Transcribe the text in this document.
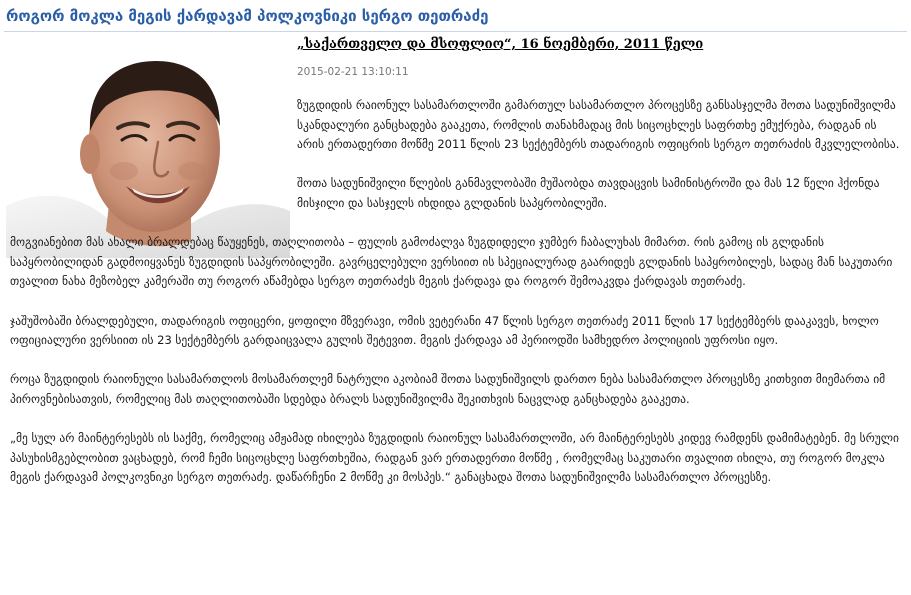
როგორ მოკლა მეგის ქარდავამ პოლკოვნიკი სერგო თეთრაძე
„საქართველო და მსოფლიო“, 16 ნოემბერი, 2011 წელი
2015-02-21 13:10:11

ზუგდიდის რაიონულ სასამართლოში გამართულ სასამართლო პროცესზე განსასჯელმა შოთა სადუნიშვილმა სკანდალური განცხადება გააკეთა, რომლის თანახმადაც მის სიცოცხლეს საფრთხე ემუქრება, რადგან ის არის ერთადერთი მოწმე 2011 წლის 23 სექტემბერს თადარიგის ოფიცრის სერგო თეთრაძის მკვლელობისა.

შოთა სადუნიშვილი წლების განმავლობაში მუშაობდა თავდაცვის სამინისტროში და მას 12 წელი ჰქონდა მისჯილი და სასჯელს იხდიდა გლდანის საპყრობილეში.

მოგვიანებით მას ახალი ბრალდებაც წაუყენეს, თაღლითობა – ფულის გამოძალვა ზუგდიდელი ჯუმბერ ჩაბალუხას მიმართ. რის გამოც ის გლდანის საპყრობილიდან გადმოიყვანეს ზუგდიდის საპყრობილეში. გავრცელებული ვერსიით ის სპეციალურად გაარიდეს გლდანის საპყრობილეს, სადაც მან საკუთარი თვალით ნახა მეზობელ კამერაში თუ როგორ აწამებდა სერგო თეთრაძეს მეგის ქარდავა და როგორ შემოაკვდა ქარდავას თეთრაძე.

ჯაშუშობაში ბრალდებული, თადარიგის ოფიცერი, ყოფილი მზვერავი, ომის ვეტერანი 47 წლის სერგო თეთრაძე 2011 წლის 17 სექტემბერს დააკავეს, ხოლო ოფიციალური ვერსიით ის 23 სექტემბერს გარდაიცვალა გულის შეტევით. მეგის ქარდავა ამ პერიოდში სამხედრო პოლიციის უფროსი იყო.

როცა ზუგდიდის რაიონული სასამართლოს მოსამართლემ ნატრული აკობიამ შოთა სადუნიშვილს დართო ნება სასამართლო პროცესზე კითხვით მიემართა იმ პიროვნებისათვის, რომელიც მას თაღლითობაში სდებდა ბრალს სადუნიშვილმა შეკითხვის ნაცვლად განცხადება გააკეთა.

„მე სულ არ მაინტერესებს ის საქმე, რომელიც ამჟამად იხილება ზუგდიდის რაიონულ სასამართლოში, არ მაინტერესებს კიდევ რამდენს დამიმატებენ. მე სრული პასუხისმგებლობით ვაცხადებ, რომ ჩემი სიცოცხლე საფრთხეშია, რადგან ვარ ერთადერთი მოწმე , რომელმაც საკუთარი თვალით იხილა, თუ როგორ მოკლა მეგის ქარდავამ პოლკოვნიკი სერგო თეთრაძე. დაწარჩენი 2 მოწმე კი მოსპეს.“ განაცხადა შოთა სადუნიშვილმა სასამართლო პროცესზე.
